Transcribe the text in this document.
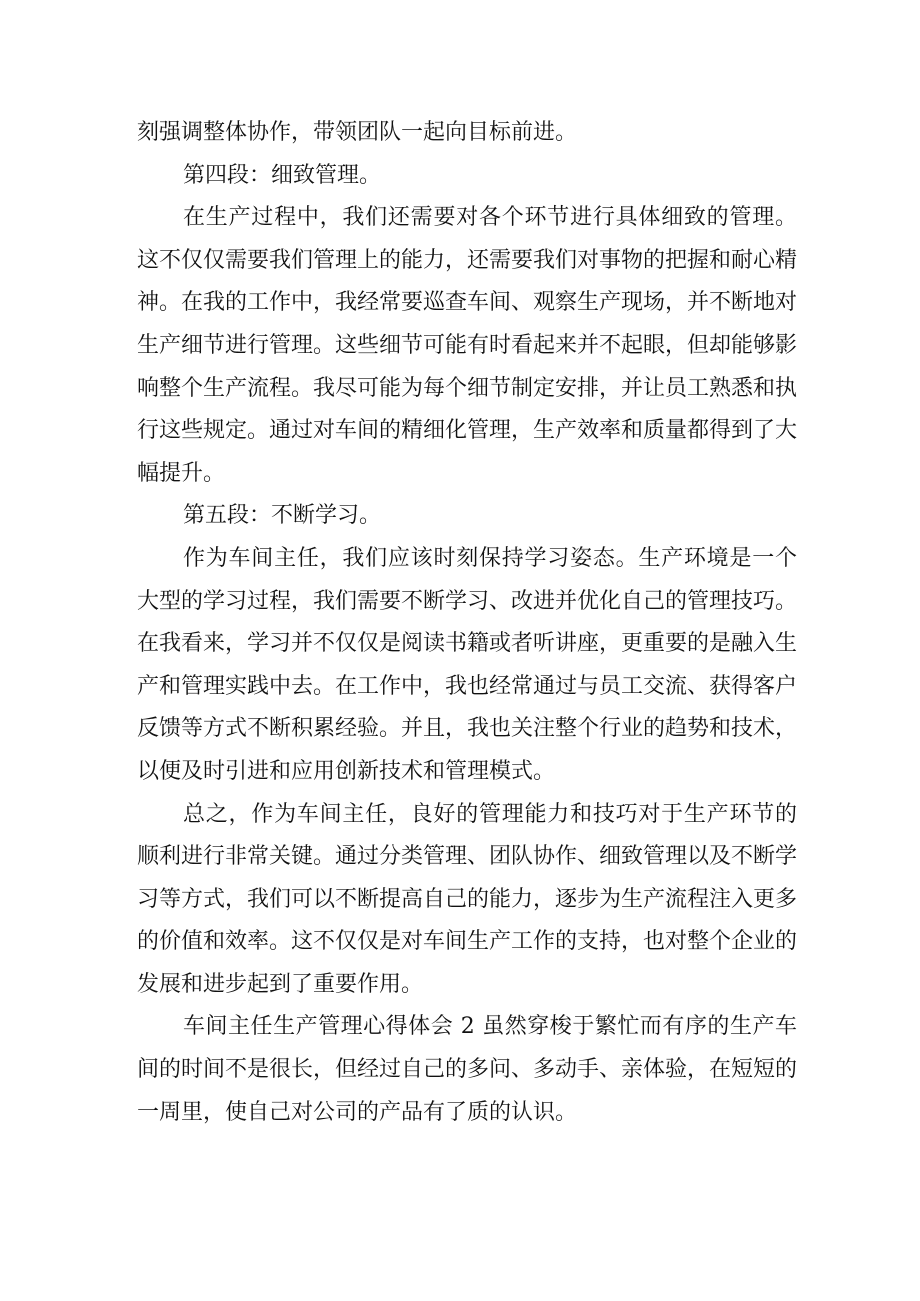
刻强调整体协作，带领团队一起向目标前进。

第四段：细致管理。

在生产过程中，我们还需要对各个环节进行具体细致的管理。这不仅仅需要我们管理上的能力，还需要我们对事物的把握和耐心精神。在我的工作中，我经常要巡查车间、观察生产现场，并不断地对生产细节进行管理。这些细节可能有时看起来并不起眼，但却能够影响整个生产流程。我尽可能为每个细节制定安排，并让员工熟悉和执行这些规定。通过对车间的精细化管理，生产效率和质量都得到了大幅提升。

第五段：不断学习。

作为车间主任，我们应该时刻保持学习姿态。生产环境是一个大型的学习过程，我们需要不断学习、改进并优化自己的管理技巧。在我看来，学习并不仅仅是阅读书籍或者听讲座，更重要的是融入生产和管理实践中去。在工作中，我也经常通过与员工交流、获得客户反馈等方式不断积累经验。并且，我也关注整个行业的趋势和技术，以便及时引进和应用创新技术和管理模式。

总之，作为车间主任，良好的管理能力和技巧对于生产环节的顺利进行非常关键。通过分类管理、团队协作、细致管理以及不断学习等方式，我们可以不断提高自己的能力，逐步为生产流程注入更多的价值和效率。这不仅仅是对车间生产工作的支持，也对整个企业的发展和进步起到了重要作用。

车间主任生产管理心得体会 2 虽然穿梭于繁忙而有序的生产车间的时间不是很长，但经过自己的多问、多动手、亲体验，在短短的一周里，使自己对公司的产品有了质的认识。
